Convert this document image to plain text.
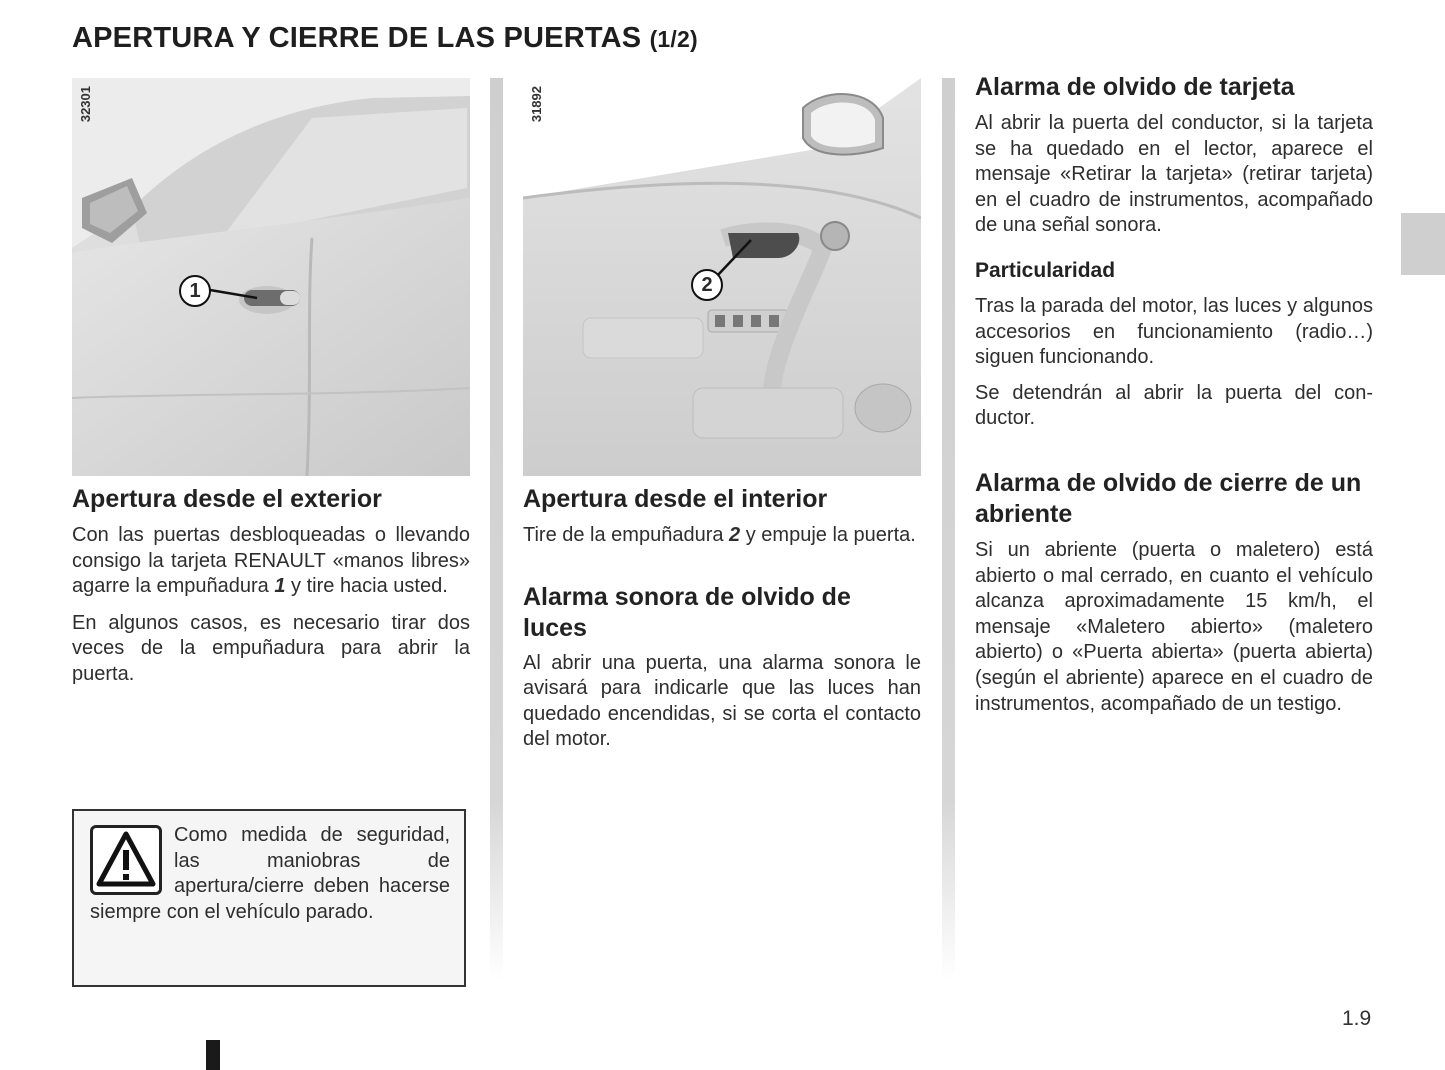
APERTURA Y CIERRE DE LAS PUERTAS (1/2)
32301
1
Apertura desde el exterior

Con las puertas desbloqueadas o llevando consigo la tarjeta RENAULT «manos libres» agarre la empuñadura 1 y tire hacia usted.

En algunos casos, es necesario tirar dos veces de la empuñadura para abrir la puerta.

Como medida de seguridad, las maniobras de apertura/cierre deben hacerse siempre con el vehículo parado.

31892
2
Apertura desde el interior

Tire de la empuñadura 2 y empuje la puerta.

Alarma sonora de olvido de luces

Al abrir una puerta, una alarma sonora le avisará para indicarle que las luces han quedado encendidas, si se corta el contacto del motor.

Alarma de olvido de tarjeta

Al abrir la puerta del conductor, si la tarjeta se ha quedado en el lector, aparece el mensaje «Retirar la tarjeta» (retirar tarjeta) en el cuadro de instrumentos, acompañado de una señal sonora.

Particularidad

Tras la parada del motor, las luces y algunos accesorios en funcionamiento (radio…) siguen funcionando.

Se detendrán al abrir la puerta del conductor.

Alarma de olvido de cierre de un abriente

Si un abriente (puerta o maletero) está abierto o mal cerrado, en cuanto el vehículo alcanza aproximadamente 15 km/h, el mensaje «Maletero abierto» (maletero abierto) o «Puerta abierta» (puerta abierta) (según el abriente) aparece en el cuadro de instrumentos, acompañado de un testigo.

1.9
